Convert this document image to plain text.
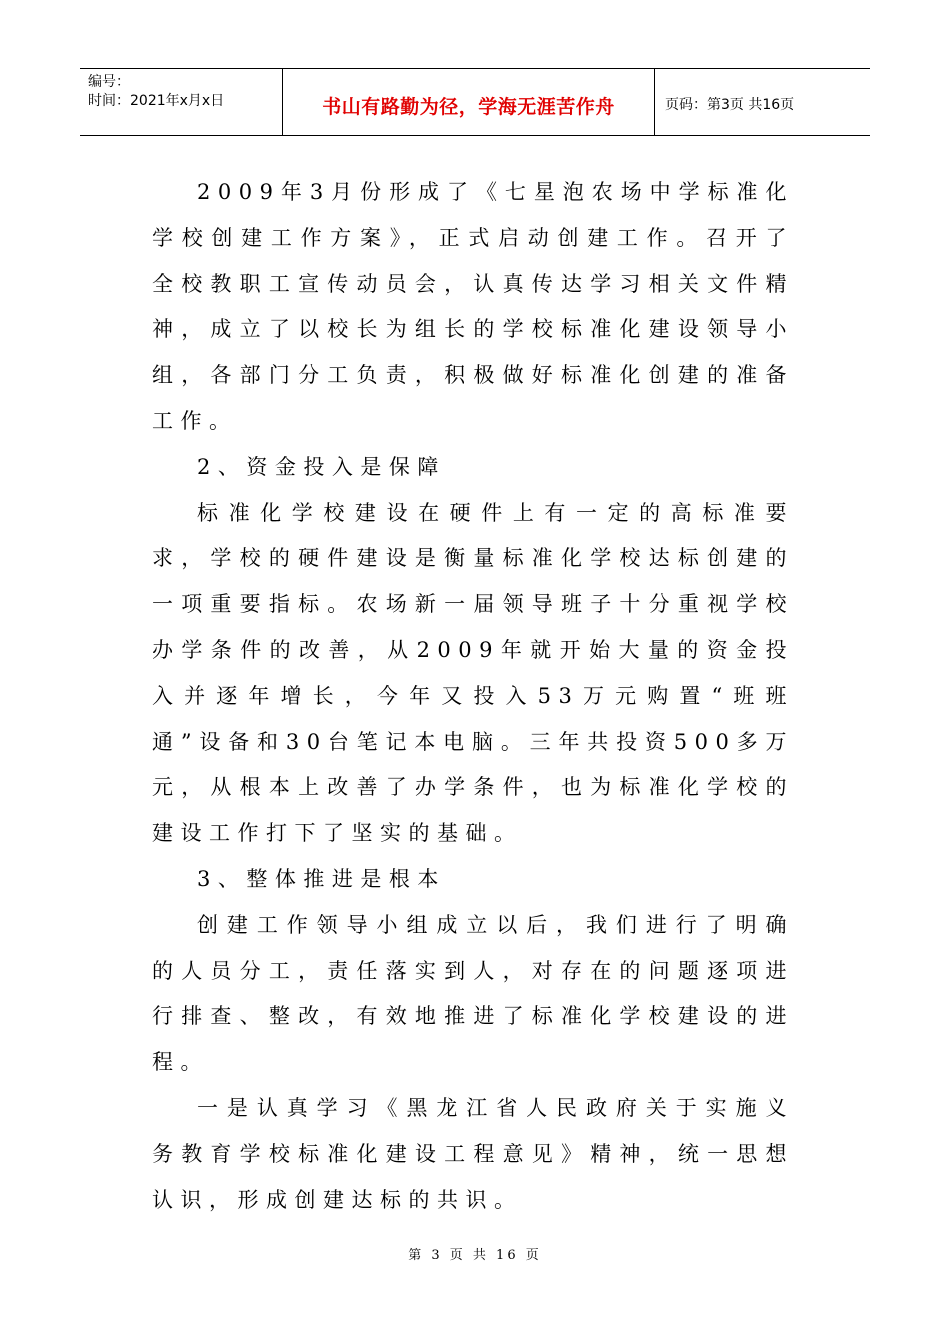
编号：
时间：2021年x月x日	书山有路勤为径，学海无涯苦作舟	页码：第3页 共16页

2009年3月份形成了《七星泡农场中学标准化学校创建工作方案》，正式启动创建工作。召开了全校教职工宣传动员会，认真传达学习相关文件精神，成立了以校长为组长的学校标准化建设领导小组，各部门分工负责，积极做好标准化创建的准备工作。

2、资金投入是保障

标准化学校建设在硬件上有一定的高标准要求，学校的硬件建设是衡量标准化学校达标创建的一项重要指标。农场新一届领导班子十分重视学校办学条件的改善，从2009年就开始大量的资金投入并逐年增长，今年又投入53万元购置“班班通”设备和30台笔记本电脑。三年共投资500多万元，从根本上改善了办学条件，也为标准化学校的建设工作打下了坚实的基础。

3、整体推进是根本

创建工作领导小组成立以后，我们进行了明确的人员分工，责任落实到人，对存在的问题逐项进行排查、整改，有效地推进了标准化学校建设的进程。

一是认真学习《黑龙江省人民政府关于实施义务教育学校标准化建设工程意见》精神，统一思想认识，形成创建达标的共识。

第 3 页 共 16 页
